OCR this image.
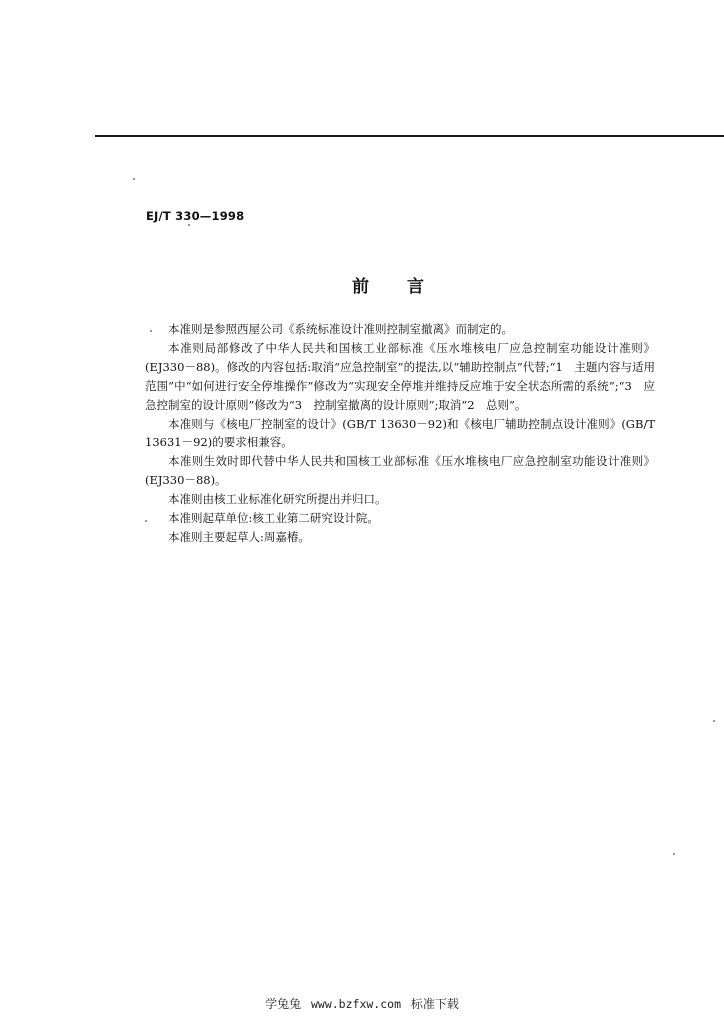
EJ/T 330—1998
前言

本准则是参照西屋公司《系统标准设计准则控制室撤离》而制定的。

本准则局部修改了中华人民共和国核工业部标准《压水堆核电厂应急控制室功能设计准则》(EJ330－88)。修改的内容包括:取消“应急控制室”的提法,以“辅助控制点”代替;“1　主题内容与适用范围”中“如何进行安全停堆操作”修改为“实现安全停堆并维持反应堆于安全状态所需的系统”;“3　应急控制室的设计原则”修改为“3　控制室撤离的设计原则”;取消“2　总则”。

本准则与《核电厂控制室的设计》(GB/T 13630－92)和《核电厂辅助控制点设计准则》(GB/T 13631－92)的要求相兼容。

本准则生效时即代替中华人民共和国核工业部标准《压水堆核电厂应急控制室功能设计准则》(EJ330－88)。

本准则由核工业标准化研究所提出并归口。

本准则起草单位:核工业第二研究设计院。

本准则主要起草人:周嘉椿。

学兔兔 www.bzfxw.com 标准下载
